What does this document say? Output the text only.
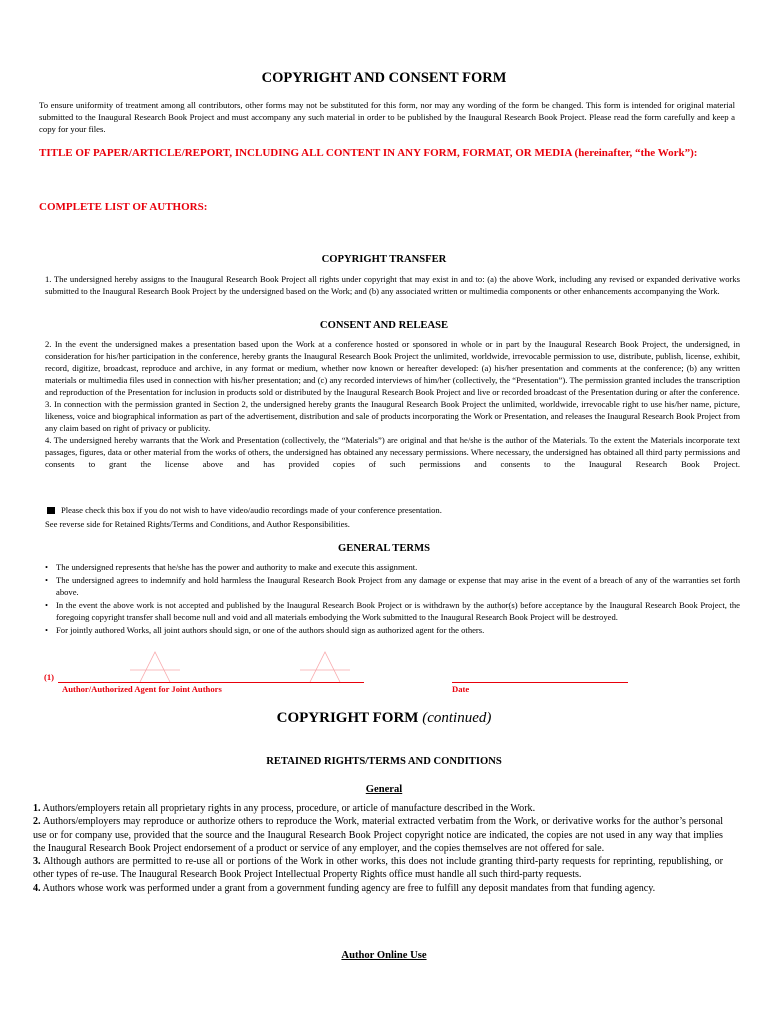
COPYRIGHT AND CONSENT FORM
To ensure uniformity of treatment among all contributors, other forms may not be substituted for this form, nor may any wording of the form be changed. This form is intended for original material submitted to the Inaugural Research Book Project and must accompany any such material in order to be published by the Inaugural Research Book Project. Please read the form carefully and keep a copy for your files.
TITLE OF PAPER/ARTICLE/REPORT, INCLUDING ALL CONTENT IN ANY FORM, FORMAT, OR MEDIA (hereinafter, “the Work”):
COMPLETE LIST OF AUTHORS:
COPYRIGHT TRANSFER
1. The undersigned hereby assigns to the Inaugural Research Book Project all rights under copyright that may exist in and to: (a) the above Work, including any revised or expanded derivative works submitted to the Inaugural Research Book Project by the undersigned based on the Work; and (b) any associated written or multimedia components or other enhancements accompanying the Work.
CONSENT AND RELEASE

2. In the event the undersigned makes a presentation based upon the Work at a conference hosted or sponsored in whole or in part by the Inaugural Research Book Project, the undersigned, in consideration for his/her participation in the conference, hereby grants the Inaugural Research Book Project the unlimited, worldwide, irrevocable permission to use, distribute, publish, license, exhibit, record, digitize, broadcast, reproduce and archive, in any format or medium, whether now known or hereafter developed: (a) his/her presentation and comments at the conference; (b) any written materials or multimedia files used in connection with his/her presentation; and (c) any recorded interviews of him/her (collectively, the “Presentation”). The permission granted includes the transcription and reproduction of the Presentation for inclusion in products sold or distributed by the Inaugural Research Book Project and live or recorded broadcast of the Presentation during or after the conference.

3. In connection with the permission granted in Section 2, the undersigned hereby grants the Inaugural Research Book Project the unlimited, worldwide, irrevocable right to use his/her name, picture, likeness, voice and biographical information as part of the advertisement, distribution and sale of products incorporating the Work or Presentation, and releases the Inaugural Research Book Project from any claim based on right of privacy or publicity.

4. The undersigned hereby warrants that the Work and Presentation (collectively, the “Materials”) are original and that he/she is the author of the Materials. To the extent the Materials incorporate text passages, figures, data or other material from the works of others, the undersigned has obtained any necessary permissions. Where necessary, the undersigned has obtained all third party permissions and consents to grant the license above and has provided copies of such permissions and consents to the Inaugural Research Book Project.

Please check this box if you do not wish to have video/audio recordings made of your conference presentation.
See reverse side for Retained Rights/Terms and Conditions, and Author Responsibilities.
GENERAL TERMS
• The undersigned represents that he/she has the power and authority to make and execute this assignment.
• The undersigned agrees to indemnify and hold harmless the Inaugural Research Book Project from any damage or expense that may arise in the event of a breach of any of the warranties set forth above.
• In the event the above work is not accepted and published by the Inaugural Research Book Project or is withdrawn by the author(s) before acceptance by the Inaugural Research Book Project, the foregoing copyright transfer shall become null and void and all materials embodying the Work submitted to the Inaugural Research Book Project will be destroyed.
• For jointly authored Works, all joint authors should sign, or one of the authors should sign as authorized agent for the others.
(1)
Author/Authorized Agent for Joint Authors	Date
COPYRIGHT FORM (continued)
RETAINED RIGHTS/TERMS AND CONDITIONS
General

1. Authors/employers retain all proprietary rights in any process, procedure, or article of manufacture described in the Work.

2. Authors/employers may reproduce or authorize others to reproduce the Work, material extracted verbatim from the Work, or derivative works for the author’s personal use or for company use, provided that the source and the Inaugural Research Book Project copyright notice are indicated, the copies are not used in any way that implies the Inaugural Research Book Project endorsement of a product or service of any employer, and the copies themselves are not offered for sale.

3. Although authors are permitted to re-use all or portions of the Work in other works, this does not include granting third-party requests for reprinting, republishing, or other types of re-use. The Inaugural Research Book Project Intellectual Property Rights office must handle all such third-party requests.

4. Authors whose work was performed under a grant from a government funding agency are free to fulfill any deposit mandates from that funding agency.

Author Online Use
